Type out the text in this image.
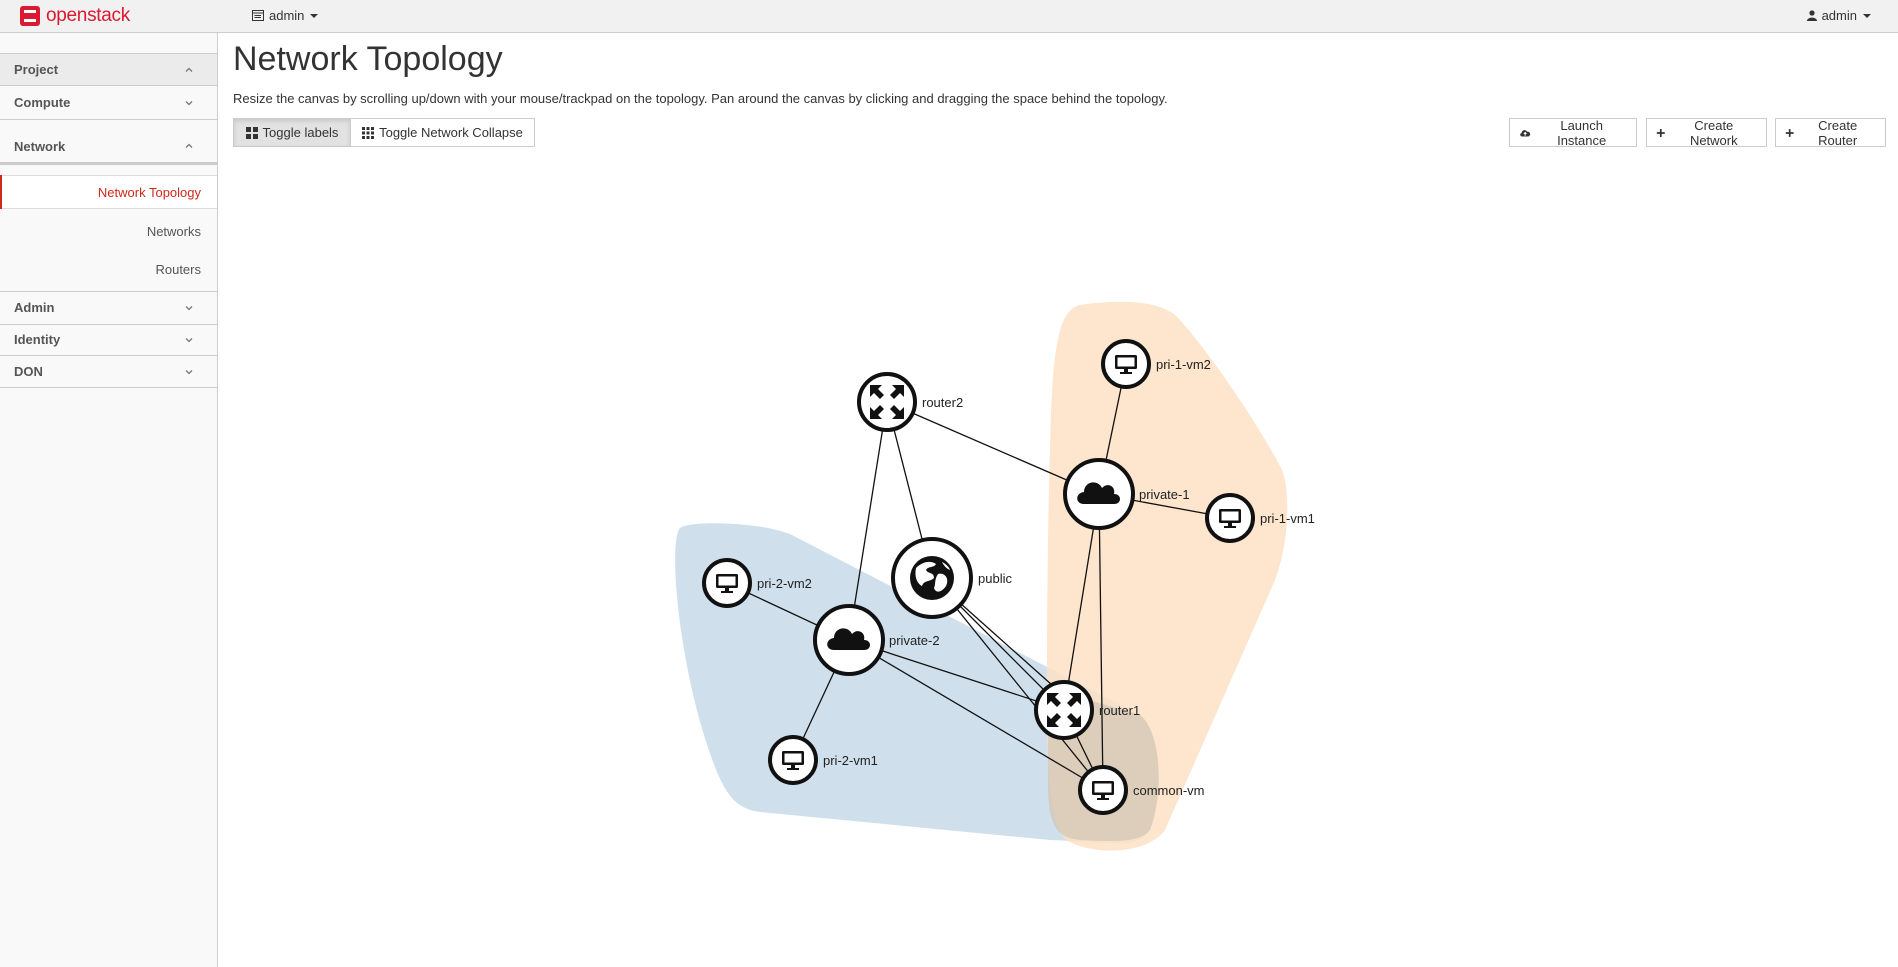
openstack	admin	admin
Project
Compute
Network
Network Topology
Networks
Routers
Admin
Identity
DON
Network Topology
Resize the canvas by scrolling up/down with your mouse/trackpad on the topology. Pan around the canvas by clicking and dragging the space behind the topology.
Toggle labels	Toggle Network Collapse	Launch Instance
Create Network
Create Router
router2
private-1
pri-1-vm2
pri-1-vm1
public
pri-2-vm2
private-2
router1
pri-2-vm1
common-vm
